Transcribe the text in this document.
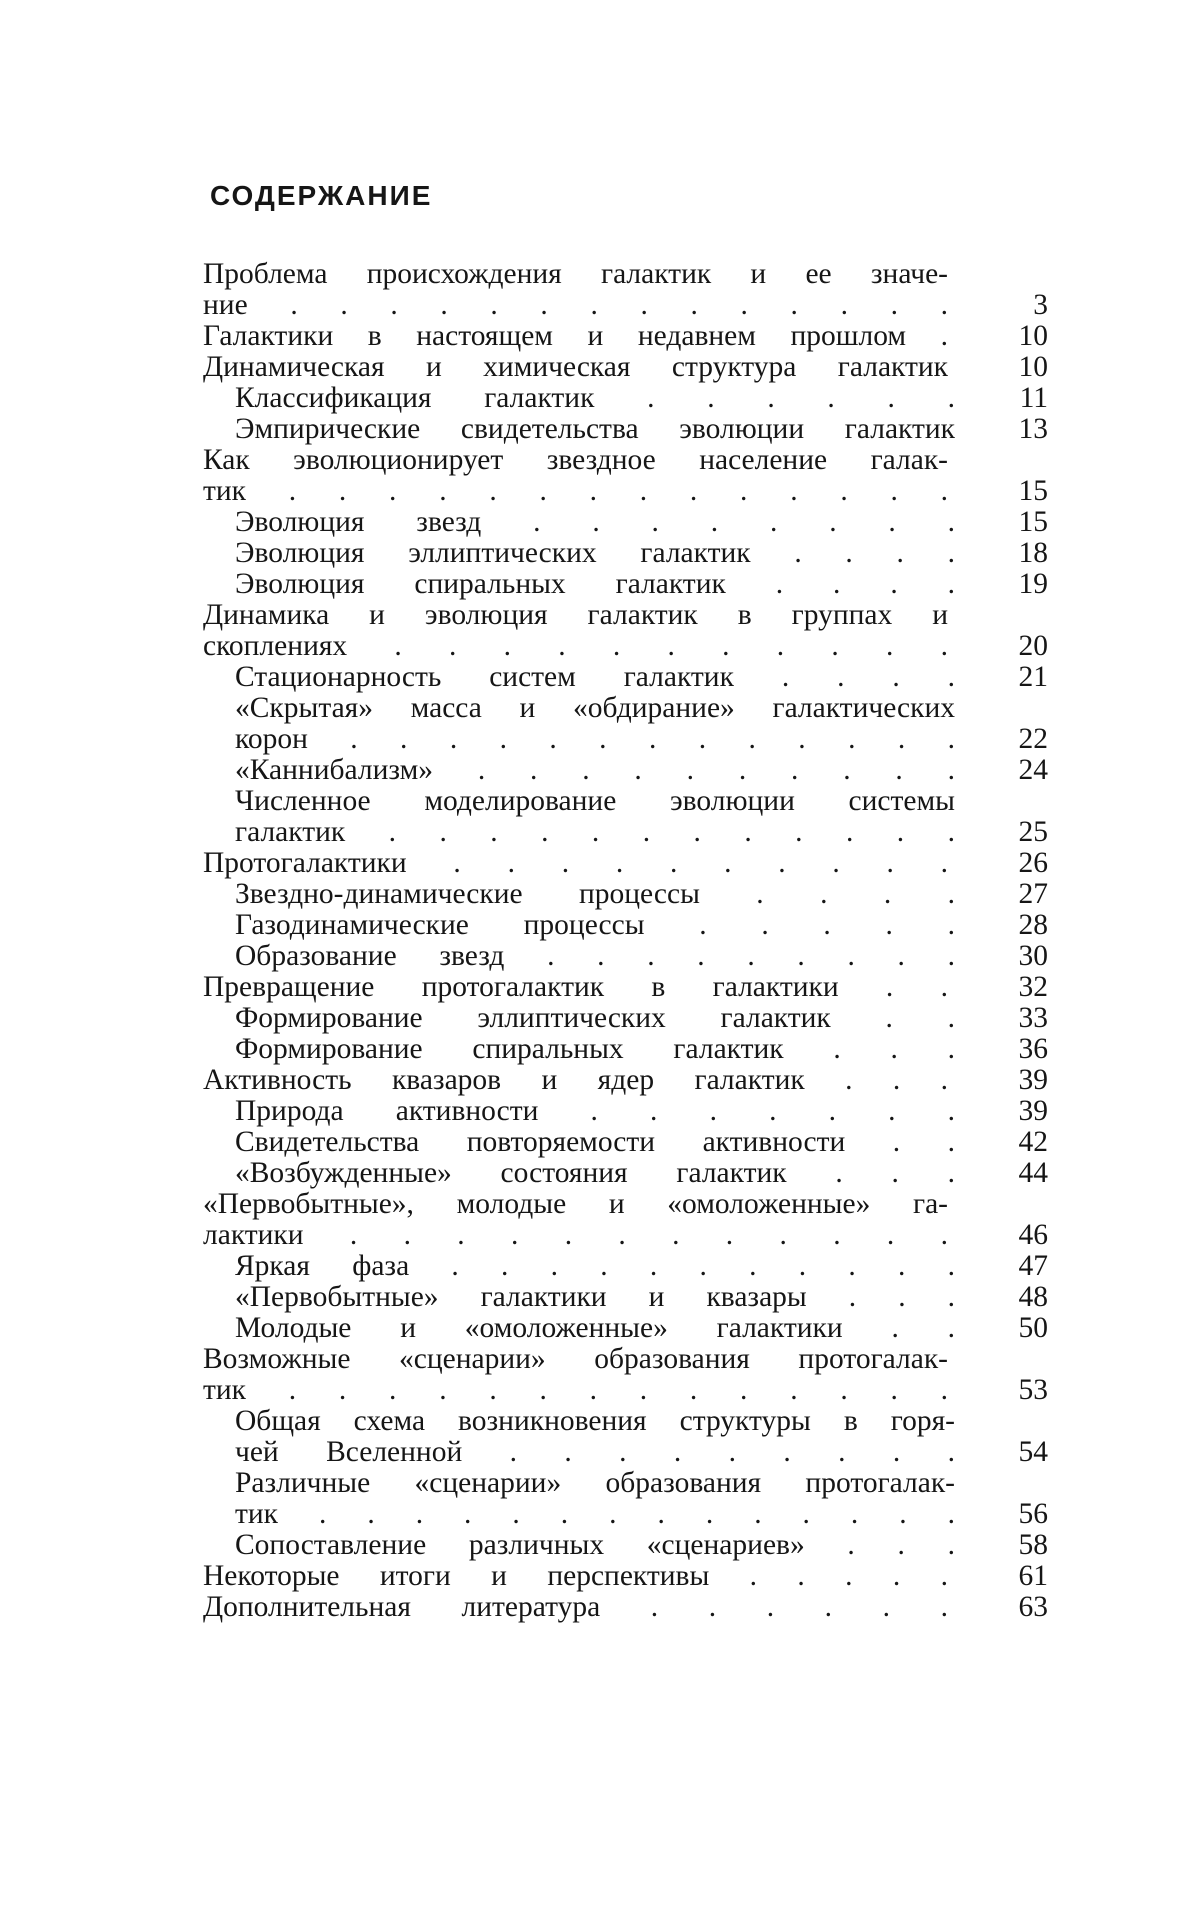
СОДЕРЖАНИЕ
Проблема происхождения галактик и ее значе-
ние . . . . . . . . . . . . . .	3
Галактики в настоящем и недавнем прошлом .	10
Динамическая и химическая структура галактик	10
Классификация галактик . . . . . .	11
Эмпирические свидетельства эволюции галактик	13
Как эволюционирует звездное население галак-
тик . . . . . . . . . . . . . .	15
Эволюция звезд . . . . . . . .	15
Эволюция эллиптических галактик . . . .	18
Эволюция спиральных галактик . . . .	19
Динамика и эволюция галактик в группах и
скоплениях . . . . . . . . . . .	20
Стационарность систем галактик . . . .	21
«Скрытая» масса и «обдирание» галактических
корон . . . . . . . . . . . . .	22
«Каннибализм» . . . . . . . . . .	24
Численное моделирование эволюции системы
галактик . . . . . . . . . . . .	25
Протогалактики . . . . . . . . . .	26
Звездно-динамические процессы . . . .	27
Газодинамические процессы . . . . .	28
Образование звезд . . . . . . . . .	30
Превращение протогалактик в галактики . .	32
Формирование эллиптических галактик . .	33
Формирование спиральных галактик . . .	36
Активность квазаров и ядер галактик . . .	39
Природа активности . . . . . . .	39
Свидетельства повторяемости активности . .	42
«Возбужденные» состояния галактик . . .	44
«Первобытные», молодые и «омоложенные» га-
лактики . . . . . . . . . . . .	46
Яркая фаза . . . . . . . . . . .	47
«Первобытные» галактики и квазары . . .	48
Молодые и «омоложенные» галактики . .	50
Возможные «сценарии» образования протогалак-
тик . . . . . . . . . . . . . .	53
Общая схема возникновения структуры в горя-
чей Вселенной . . . . . . . . .	54
Различные «сценарии» образования протогалак-
тик . . . . . . . . . . . . . .	56
Сопоставление различных «сценариев» . . .	58
Некоторые итоги и перспективы . . . . .	61
Дополнительная литература . . . . . .	63
